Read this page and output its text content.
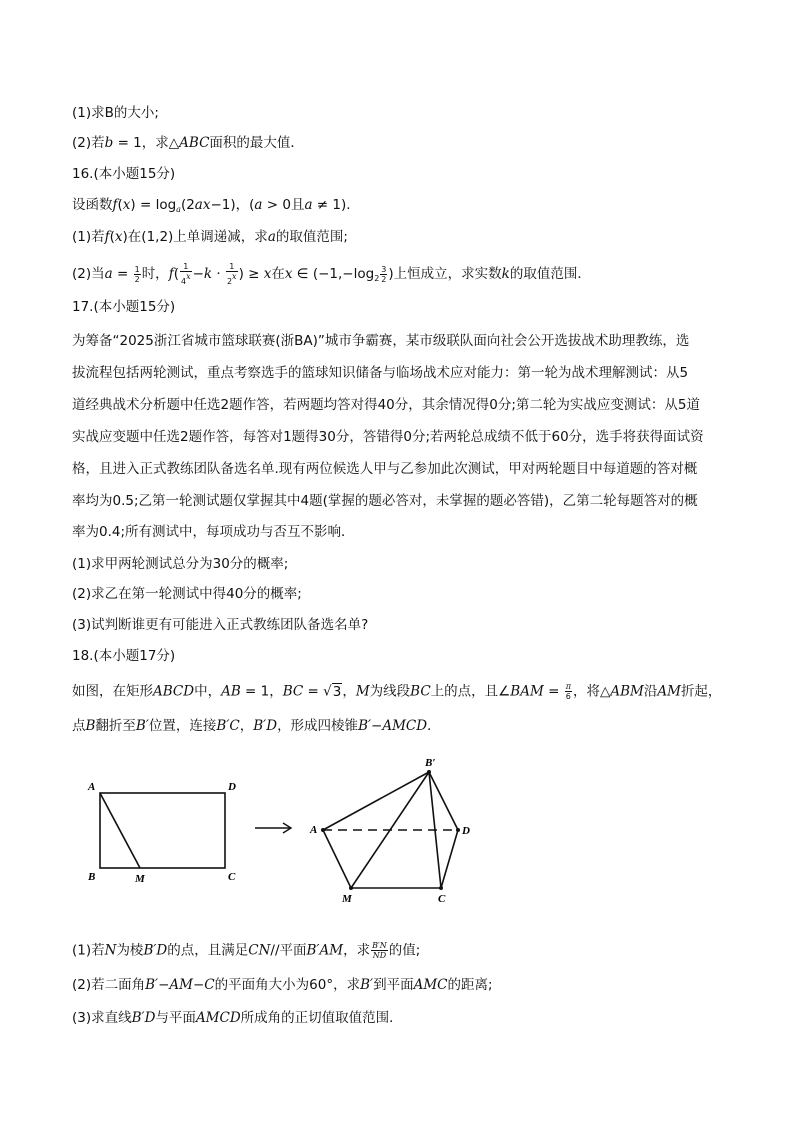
(1)求B的大小;
(2)若b = 1，求△ABC面积的最大值．
16.(本小题15分)
设函数$f(x) = \log_a(2ax-1)$，(a > 0且a ≠ 1).
(1)若f(x)在(1,2)上单调递减，求a的取值范围;
(2)当$a = \frac{1}{2}$ 时，$f( \frac{1}{4^x} -k \cdot \frac{1}{2^x}$ ) ≥ x在x ∈ ($-1,-\log_2 \frac{3}{2}$ )上恒成立，求实数k的取值范围．
17.(本小题15分)
为筹备“2025浙江省城市篮球联赛(浙BA)”城市争霸赛，某市级联队面向社会公开选拔战术助理教练，选
拔流程包括两轮测试，重点考察选手的篮球知识储备与临场战术应对能力：第一轮为战术理解测试：从5
道经典战术分析题中任选2题作答，若两题均答对得40分，其余情况得0分;第二轮为实战应变测试：从5道
实战应变题中任选2题作答，每答对1题得30分，答错得0分;若两轮总成绩不低于60分，选手将获得面试资
格，且进入正式教练团队备选名单.现有两位候选人甲与乙参加此次测试，甲对两轮题目中每道题的答对概
率均为0.5;乙第一轮测试题仅掌握其中4题(掌握的题必答对，未掌握的题必答错)，乙第二轮每题答对的概
率为0.4;所有测试中，每项成功与否互不影响．
(1)求甲两轮测试总分为30分的概率;
(2)求乙在第一轮测试中得40分的概率;
(3)试判断谁更有可能进入正式教练团队备选名单?
18.(本小题17分)
如图，在矩形ABCD中，AB = 1，BC = √3，M为线段BC上的点，且∠BAM = $\frac{\pi}{6}$ ，将△ABM沿AM折起，
点B翻折至B′位置，连接B′C，B′D，形成四棱锥B′−AMCD．
A	D
B	M	C
B′
A	D
M	C
(1)若N为棱B′D的点，且满足CN//平面B′AM，求 $\frac{B'N}{ND}$ 的值;
(2)若二面角B′−AM−C的平面角大小为60°，求B′到平面AMC的距离;
(3)求直线B′D与平面AMCD所成角的正切值取值范围．
